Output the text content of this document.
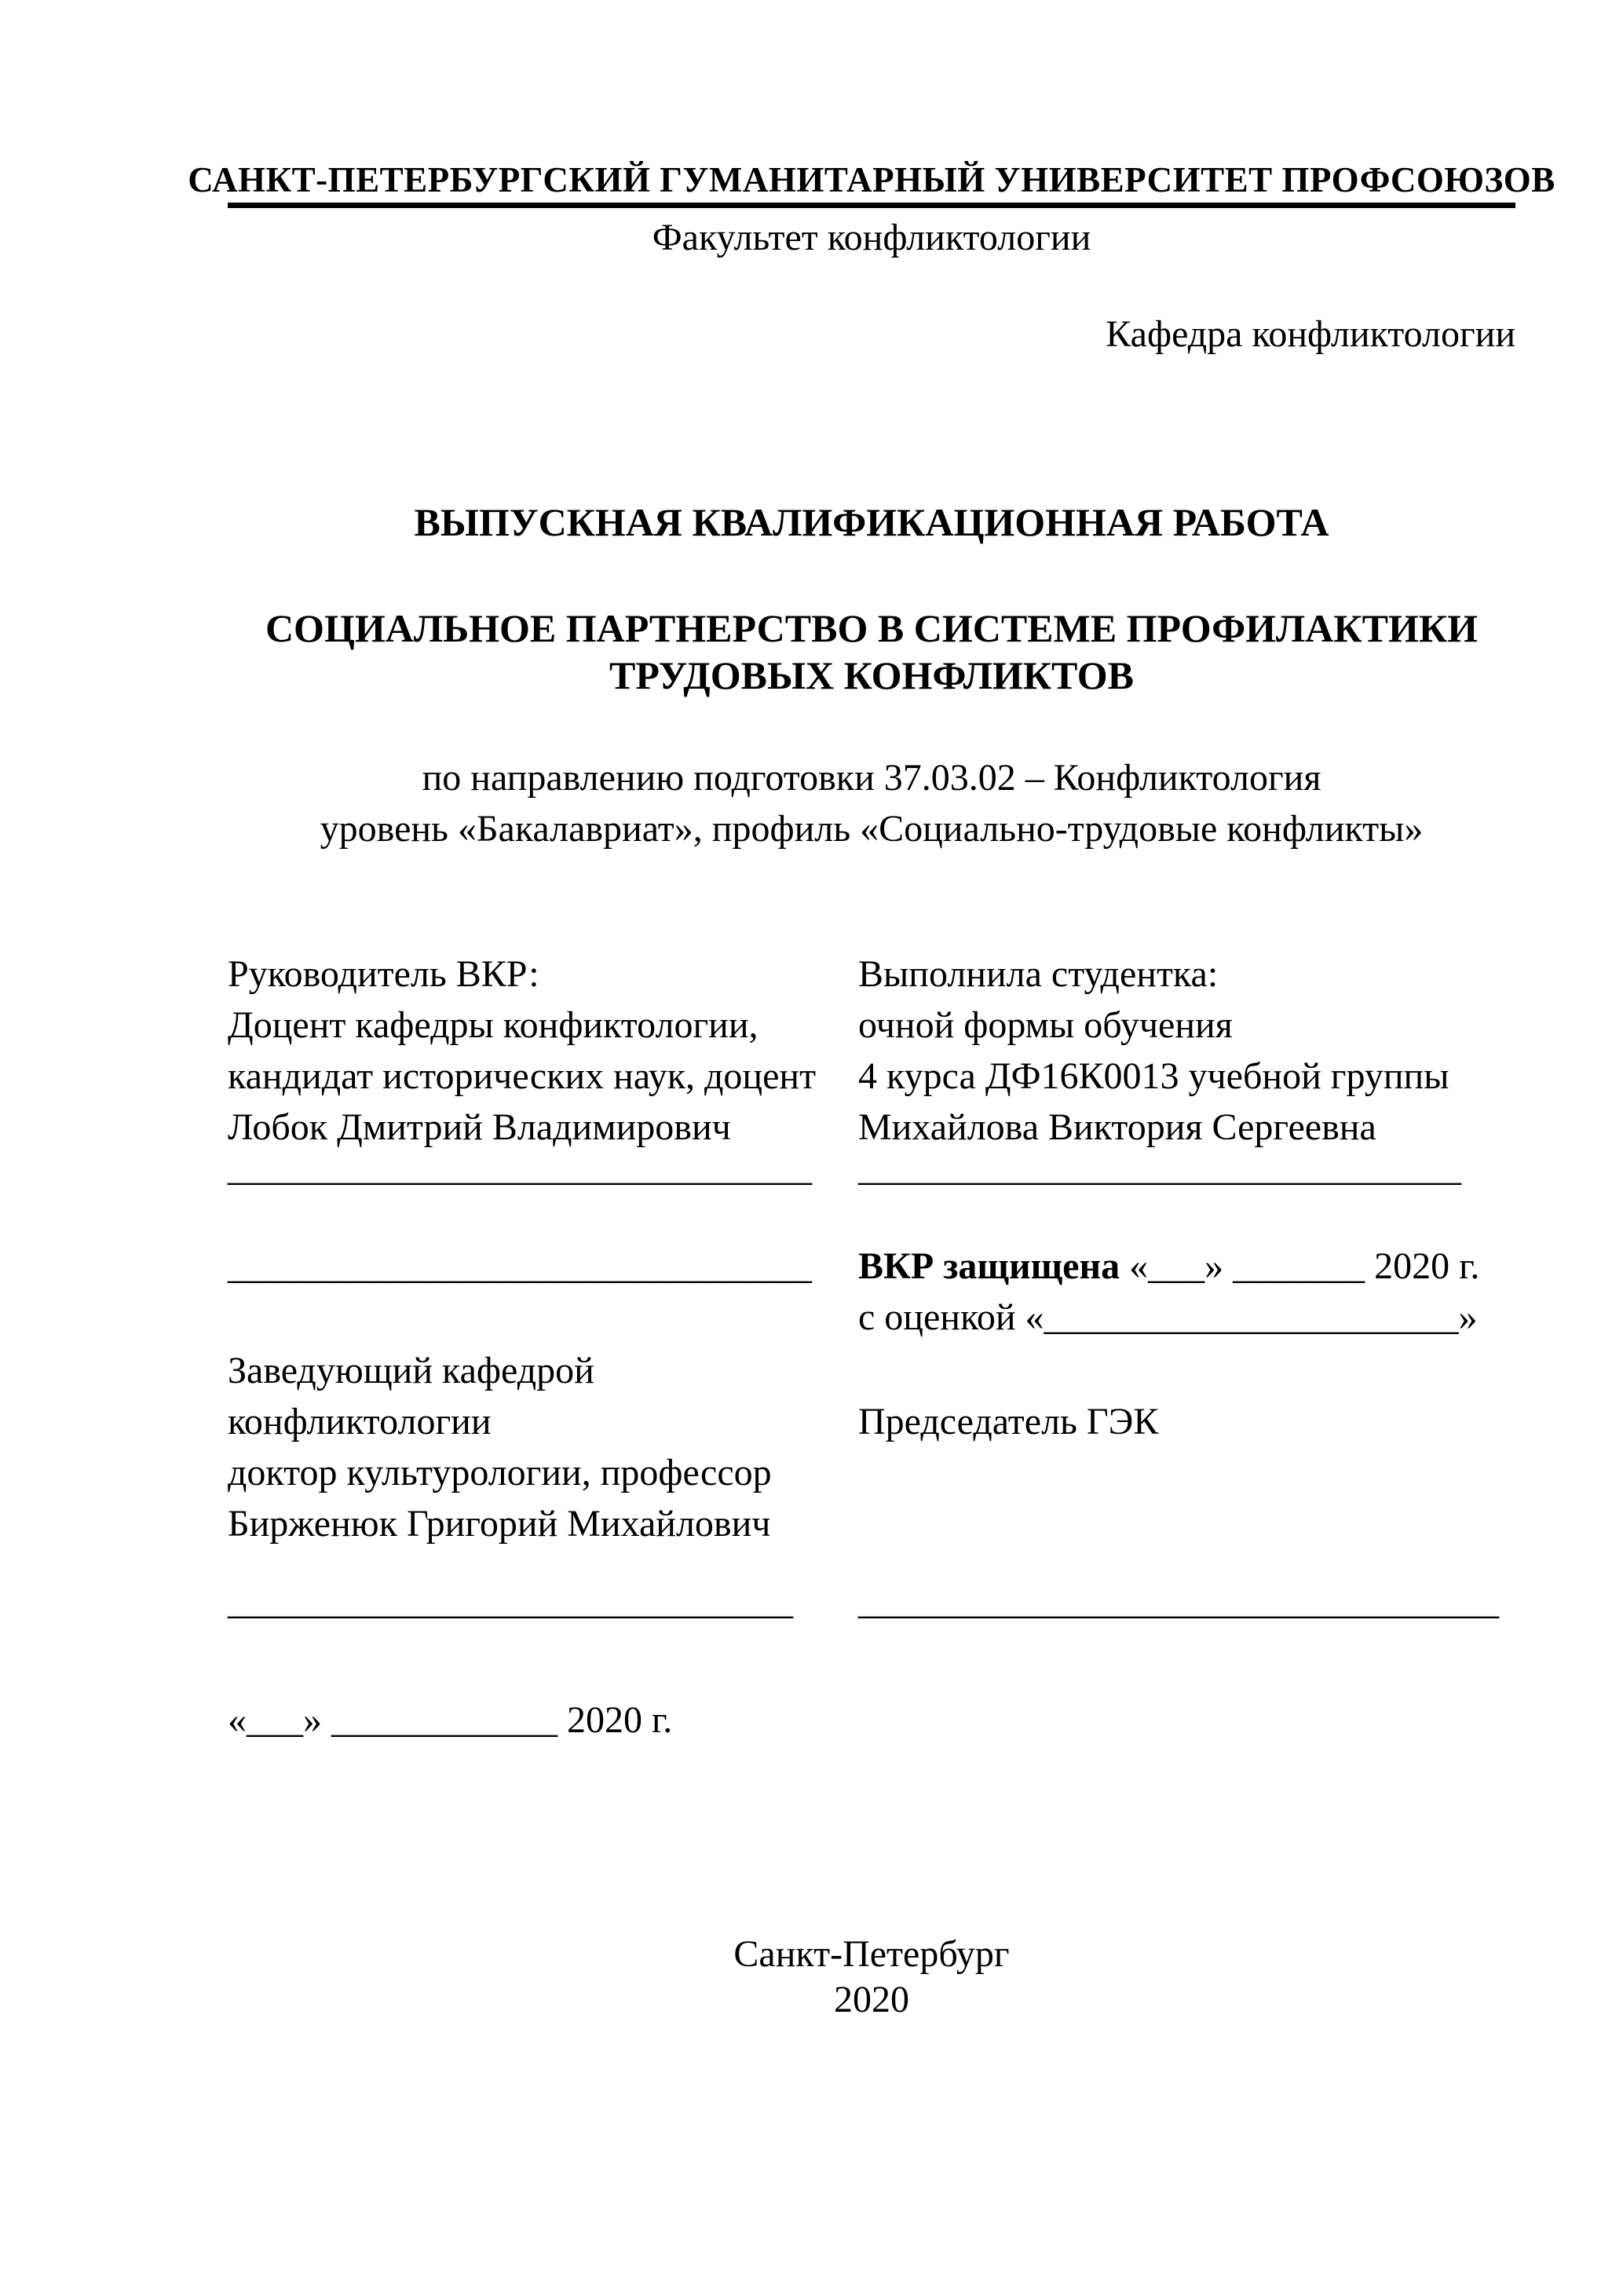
САНКТ-ПЕТЕРБУРГСКИЙ ГУМАНИТАРНЫЙ УНИВЕРСИТЕТ ПРОФСОЮЗОВ
Факультет конфликтологии
Кафедра конфликтологии
ВЫПУСКНАЯ КВАЛИФИКАЦИОННАЯ РАБОТА
СОЦИАЛЬНОЕ ПАРТНЕРСТВО В СИСТЕМЕ ПРОФИЛАКТИКИ
ТРУДОВЫХ КОНФЛИКТОВ
по направлению подготовки 37.03.02 – Конфликтология
уровень «Бакалавриат», профиль «Социально-трудовые конфликты»
Руководитель ВКР:
Доцент кафедры конфиктологии,
кандидат исторических наук, доцент
Лобок Дмитрий Владимирович
_______________________________
_______________________________
Заведующий кафедрой
конфликтологии
доктор культурологии, профессор
Бирженюк Григорий Михайлович
______________________________
«___» ____________ 2020 г.
Выполнила студентка:
очной формы обучения
4 курса ДФ16К0013 учебной группы
Михайлова Виктория Сергеевна
________________________________
ВКР защищена «___» _______ 2020 г.
с оценкой «______________________»
Председатель ГЭК
__________________________________
Санкт-Петербург
2020
